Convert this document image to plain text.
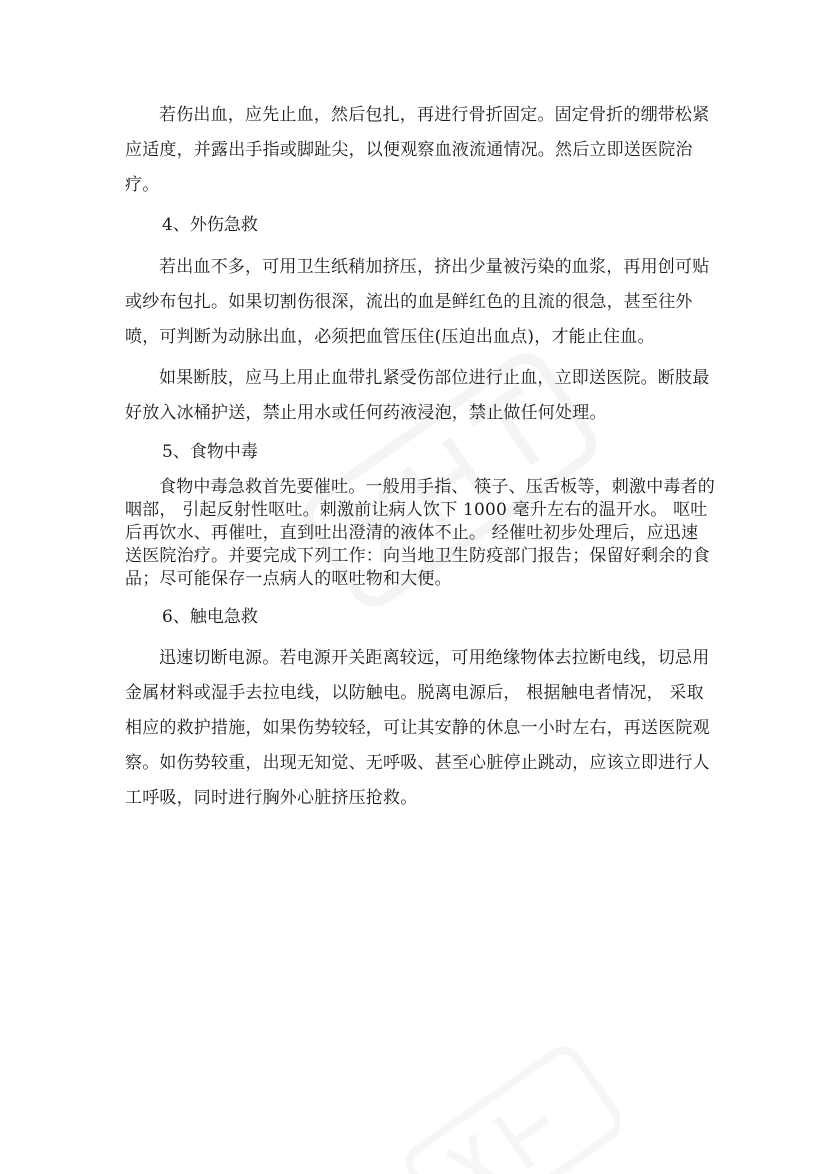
若伤出血，应先止血，然后包扎，再进行骨折固定。固定骨折的绷带松紧应适度，并露出手指或脚趾尖，以便观察血液流通情况。然后立即送医院治疗。

4、外伤急救

若出血不多，可用卫生纸稍加挤压，挤出少量被污染的血浆，再用创可贴或纱布包扎。如果切割伤很深，流出的血是鲜红色的且流的很急，甚至往外喷，可判断为动脉出血，必须把血管压住(压迫出血点)，才能止住血。

如果断肢，应马上用止血带扎紧受伤部位进行止血，立即送医院。断肢最好放入冰桶护送，禁止用水或任何药液浸泡，禁止做任何处理。

5、食物中毒

食物中毒急救首先要催吐。一般用手指、 筷子、压舌板等，刺激中毒者的咽部， 引起反射性呕吐。刺激前让病人饮下 1000 毫升左右的温开水。 呕吐后再饮水、再催吐，直到吐出澄清的液体不止。 经催吐初步处理后，应迅速送医院治疗。并要完成下列工作：向当地卫生防疫部门报告；保留好剩余的食品；尽可能保存一点病人的呕吐物和大便。

6、触电急救

迅速切断电源。若电源开关距离较远，可用绝缘物体去拉断电线，切忌用金属材料或湿手去拉电线，以防触电。脱离电源后， 根据触电者情况， 采取相应的救护措施，如果伤势较轻，可让其安静的休息一小时左右，再送医院观察。如伤势较重，出现无知觉、无呼吸、甚至心脏停止跳动，应该立即进行人工呼吸，同时进行胸外心脏挤压抢救。
